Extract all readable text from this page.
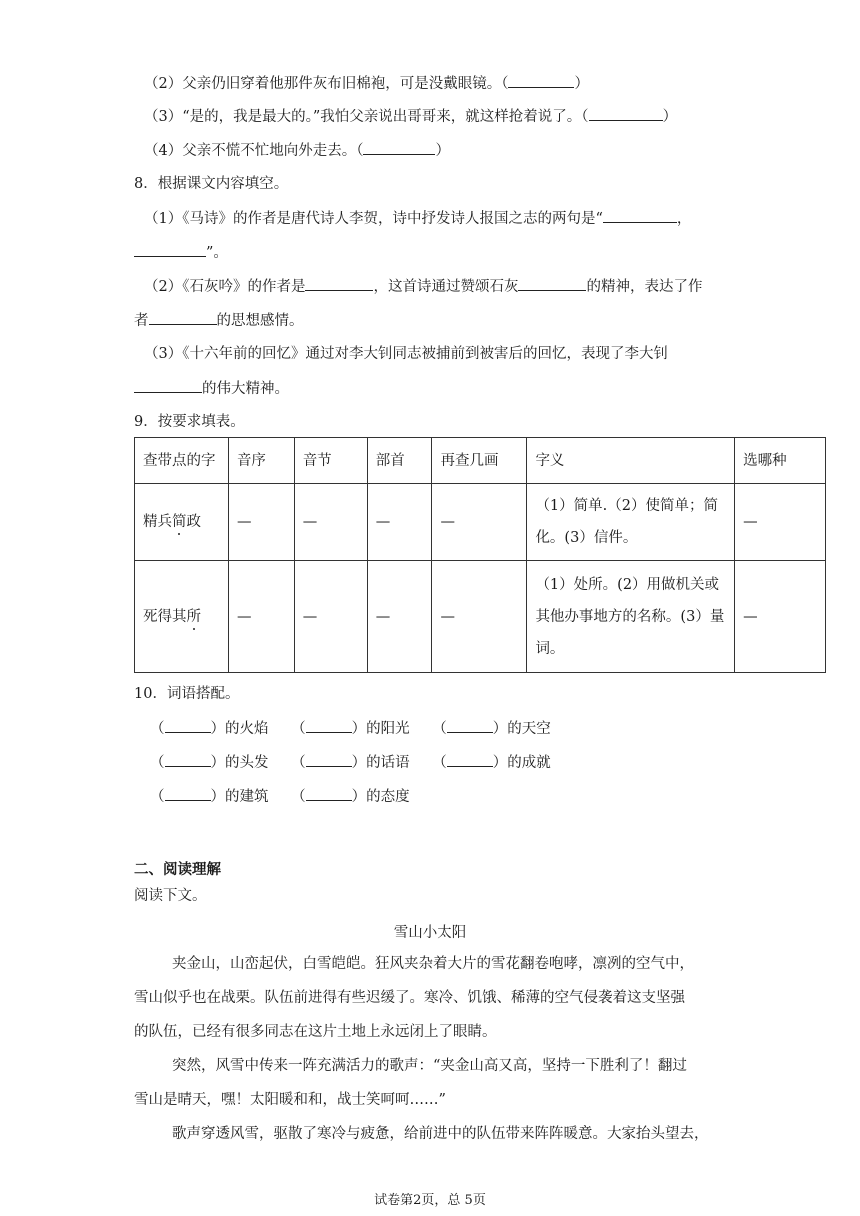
（2）父亲仍旧穿着他那件灰布旧棉袍，可是没戴眼镜。（	）
（3）“是的，我是最大的。”我怕父亲说出哥哥来，就这样抢着说了。（	）
（4）父亲不慌不忙地向外走去。（	）
8．根据课文内容填空。
（1）《马诗》的作者是唐代诗人李贺，诗中抒发诗人报国之志的两句是“	，
”。
（2）《石灰吟》的作者是	，这首诗通过赞颂石灰	的精神，表达了作
者	的思想感情。
（3）《十六年前的回忆》通过对李大钊同志被捕前到被害后的回忆，表现了李大钊
的伟大精神。
9．按要求填表。
查带点的字	音序	音节	部首	再查几画	字义	选哪种
精兵简政	—	—	—	—	（1）简单.（2）使简单；简化。(3）信件。	—
死得其所	—	—	—	—	（1）处所。(2）用做机关或其他办事地方的名称。(3）量词。	—
10．词语搭配。
（	）的火焰 （	）的阳光 （	）的天空
（	）的头发 （	）的话语 （	）的成就
（	）的建筑 （	）的态度
二、阅读理解
阅读下文。
雪山小太阳
夹金山，山峦起伏，白雪皑皑。狂风夹杂着大片的雪花翻卷咆哮，凛冽的空气中，
雪山似乎也在战栗。队伍前进得有些迟缓了。寒冷、饥饿、稀薄的空气侵袭着这支坚强
的队伍，已经有很多同志在这片土地上永远闭上了眼睛。
突然，风雪中传来一阵充满活力的歌声：“夹金山高又高，坚持一下胜利了！翻过
雪山是晴天，嘿！太阳暖和和，战士笑呵呵……”
歌声穿透风雪，驱散了寒冷与疲惫，给前进中的队伍带来阵阵暖意。大家抬头望去，
试卷第2页，总 5页
